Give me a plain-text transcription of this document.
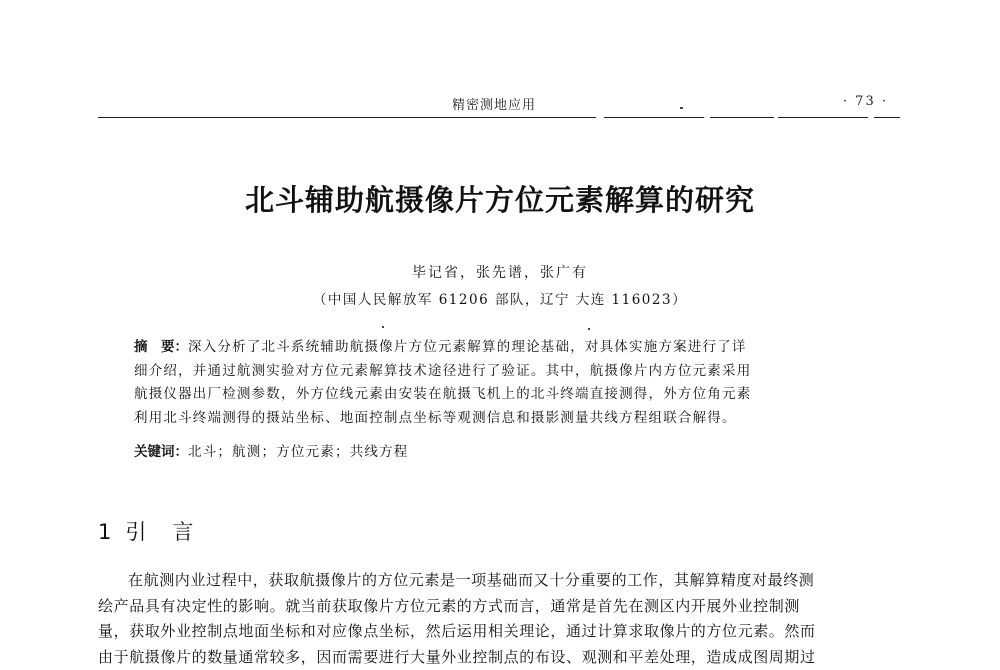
精密测地应用	· 73 ·
北斗辅助航摄像片方位元素解算的研究
毕记省，张先谱，张广有
（中国人民解放军 61206 部队，辽宁 大连 116023）
摘　要：深入分析了北斗系统辅助航摄像片方位元素解算的理论基础，对具体实施方案进行了详
细介绍，并通过航测实验对方位元素解算技术途径进行了验证。其中，航摄像片内方位元素采用
航摄仪器出厂检测参数，外方位线元素由安装在航摄飞机上的北斗终端直接测得，外方位角元素
利用北斗终端测得的摄站坐标、地面控制点坐标等观测信息和摄影测量共线方程组联合解得。
关键词：北斗；航测；方位元素；共线方程
1 引 言
在航测内业过程中，获取航摄像片的方位元素是一项基础而又十分重要的工作，其解算精度对最终测
绘产品具有决定性的影响。就当前获取像片方位元素的方式而言，通常是首先在测区内开展外业控制测
量，获取外业控制点地面坐标和对应像点坐标，然后运用相关理论，通过计算求取像片的方位元素。然而
由于航摄像片的数量通常较多，因而需要进行大量外业控制点的布设、观测和平差处理，造成成图周期过
